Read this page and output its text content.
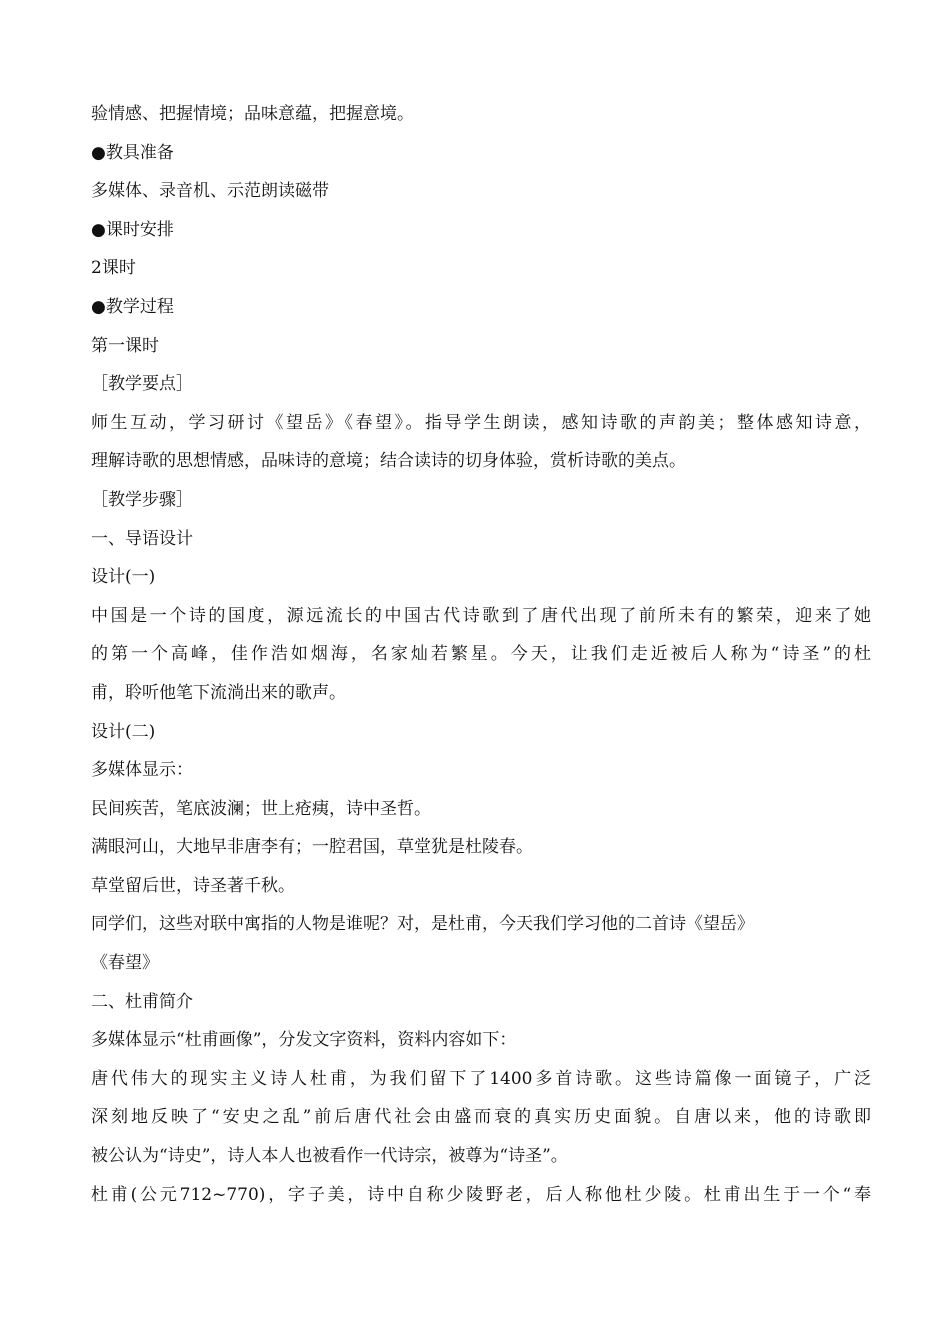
验情感、把握情境；品味意蕴，把握意境。
●教具准备
多媒体、录音机、示范朗读磁带
●课时安排
2课时
●教学过程
第一课时
［教学要点］
师生互动，学习研讨《望岳》《春望》。指导学生朗读，感知诗歌的声韵美；整体感知诗意，
理解诗歌的思想情感，品味诗的意境；结合读诗的切身体验，赏析诗歌的美点。
［教学步骤］
一、导语设计
设计(一)
中国是一个诗的国度，源远流长的中国古代诗歌到了唐代出现了前所未有的繁荣，迎来了她
的第一个高峰，佳作浩如烟海，名家灿若繁星。今天，让我们走近被后人称为“诗圣”的杜
甫，聆听他笔下流淌出来的歌声。
设计(二)
多媒体显示：
民间疾苦，笔底波澜；世上疮痍，诗中圣哲。
满眼河山，大地早非唐李有；一腔君国，草堂犹是杜陵春。
草堂留后世，诗圣著千秋。
同学们，这些对联中寓指的人物是谁呢？对，是杜甫，今天我们学习他的二首诗《望岳》
《春望》
二、杜甫简介
多媒体显示“杜甫画像”，分发文字资料，资料内容如下：
唐代伟大的现实主义诗人杜甫，为我们留下了1400多首诗歌。这些诗篇像一面镜子，广泛
深刻地反映了“安史之乱”前后唐代社会由盛而衰的真实历史面貌。自唐以来，他的诗歌即
被公认为“诗史”，诗人本人也被看作一代诗宗，被尊为“诗圣”。
杜甫(公元712~770)，字子美，诗中自称少陵野老，后人称他杜少陵。杜甫出生于一个“奉
